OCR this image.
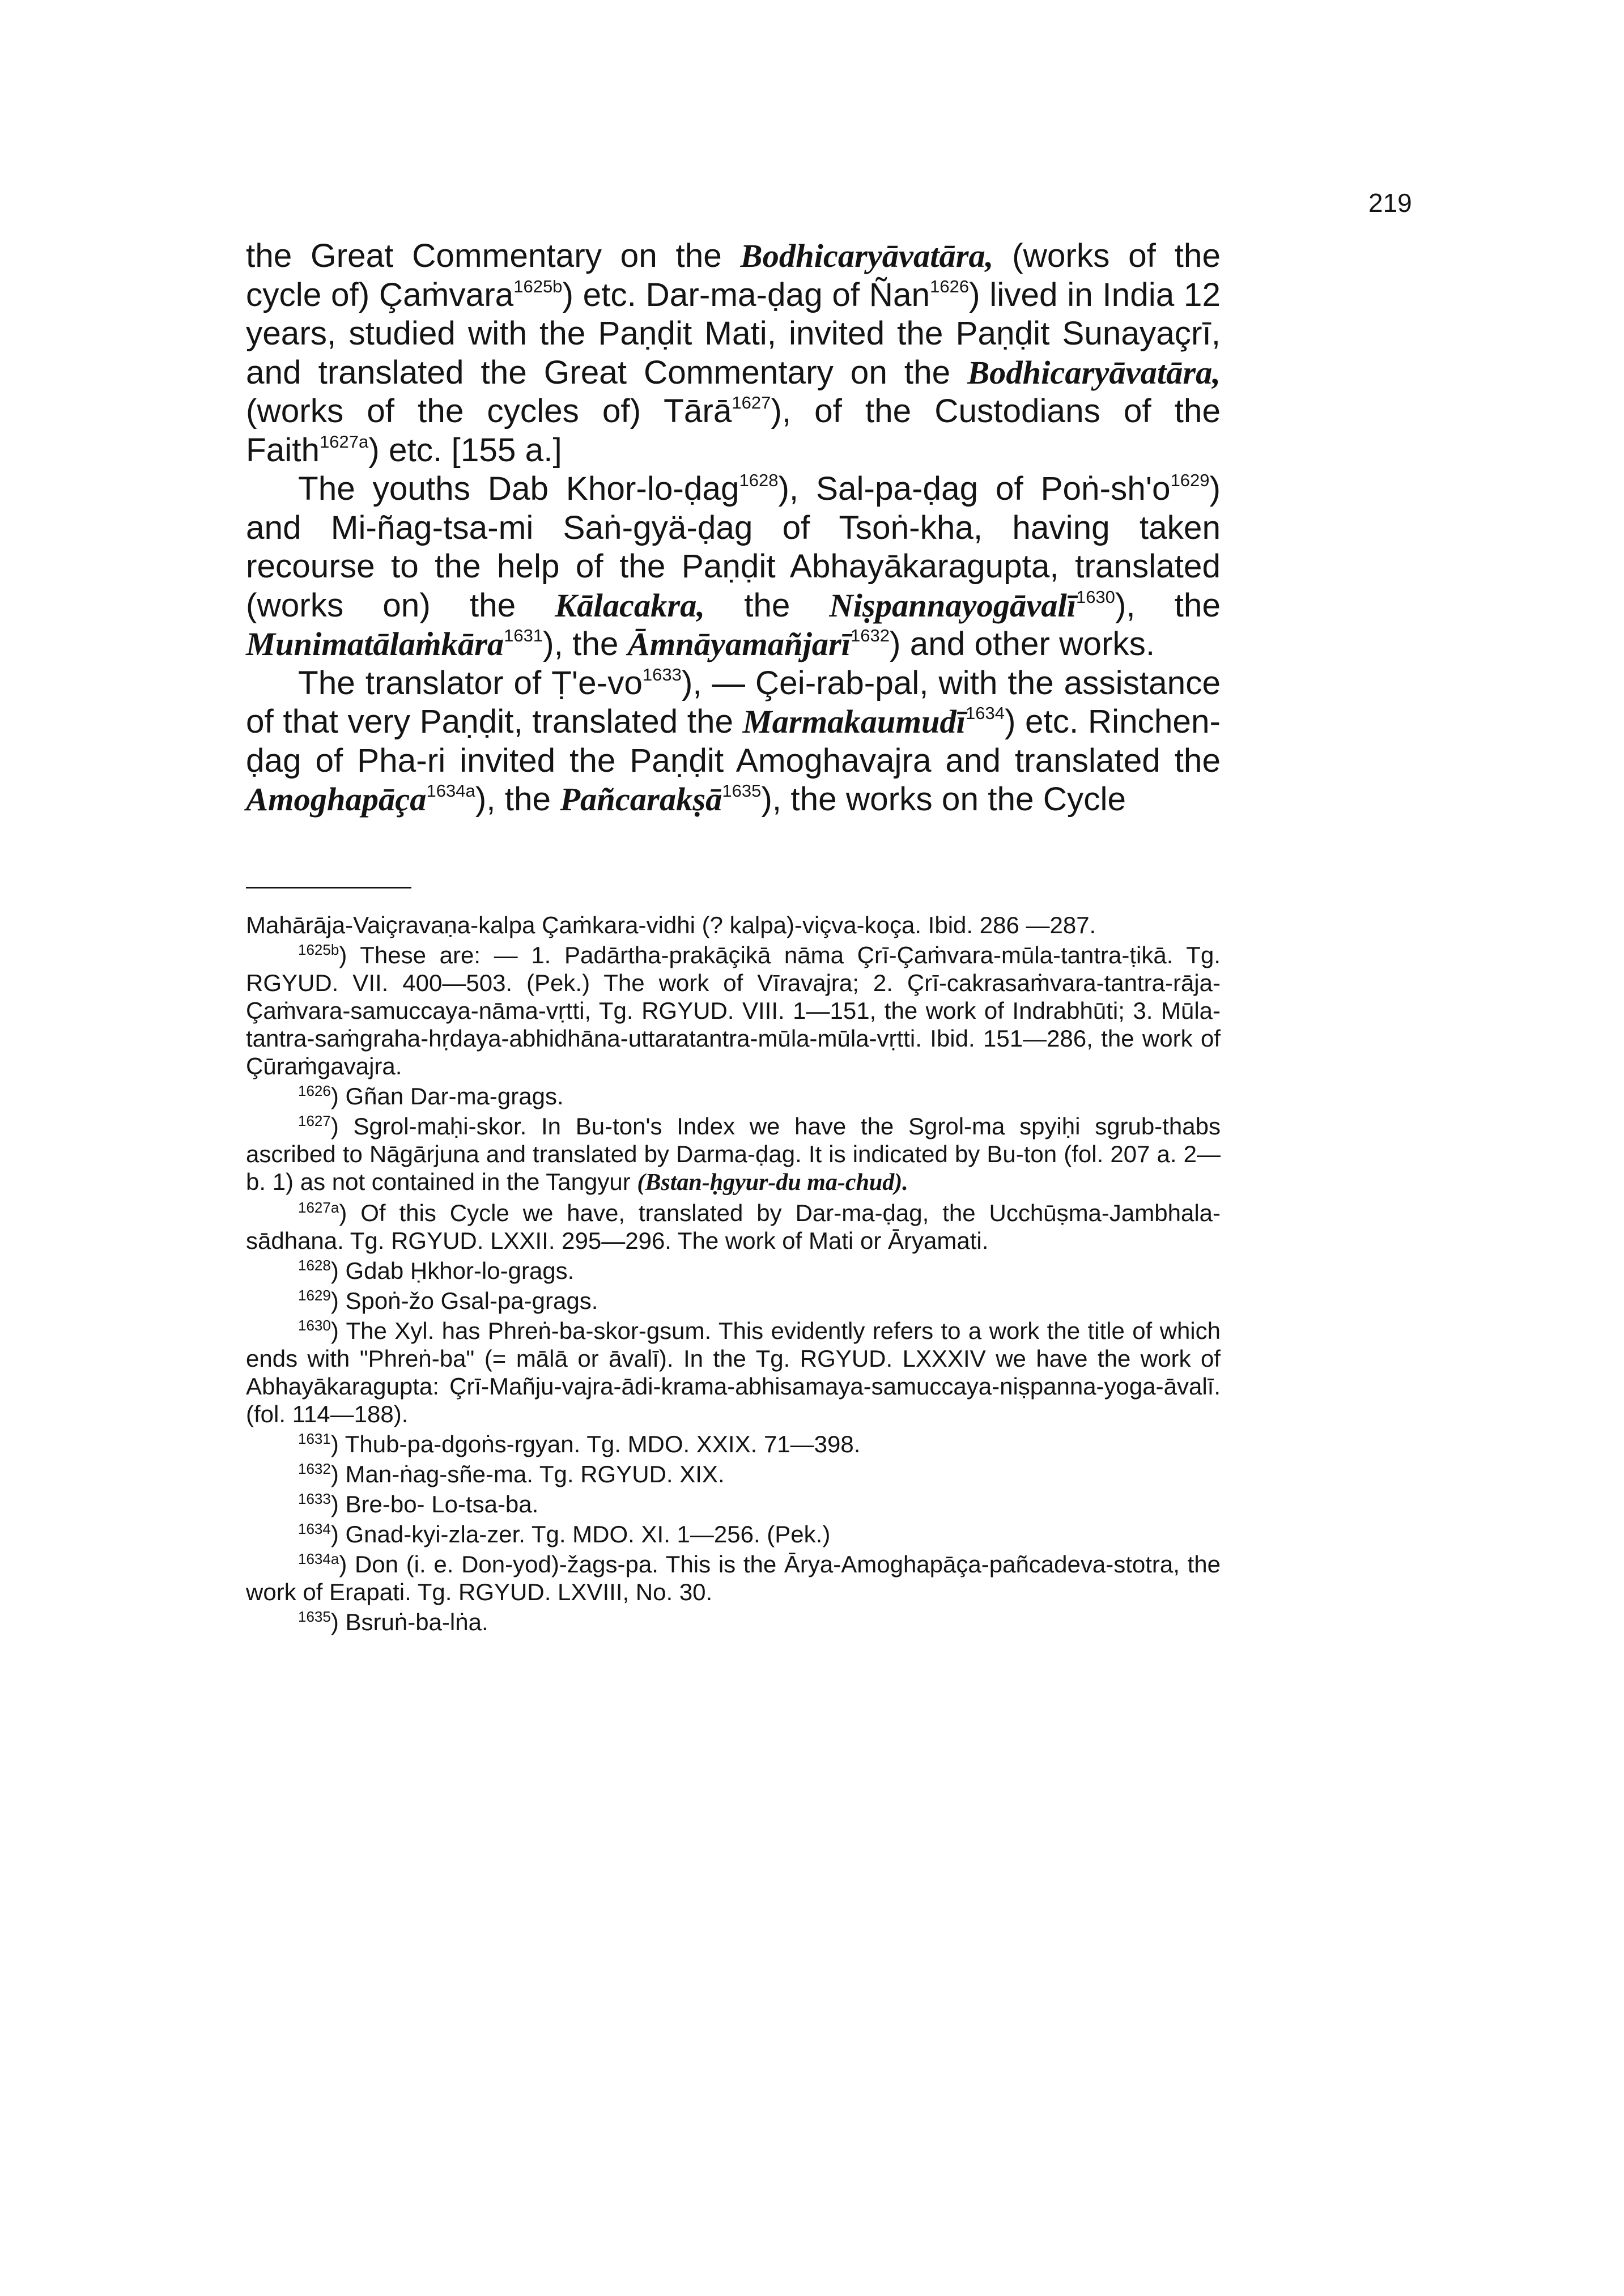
219

the Great Commentary on the Bodhicaryāvatāra, (works of the cycle of) Çaṁvara$^{1625b}$) etc. Dar-ma-ḍag of Ñan$^{1626}$) lived in India 12 years, studied with the Paṇḍit Mati, invited the Paṇḍit Sunayaçrī, and translated the Great Commentary on the Bodhicaryāvatāra, (works of the cycles of) Tārā$^{1627}$), of the Custodians of the Faith$^{1627a}$) etc. [155 a.]

The youths Dab Khor-lo-ḍag$^{1628}$), Sal-pa-ḍag of Poṅ-$sh'o^{1629}$) and Mi-ñag-tsa-mi Saṅ-gyä-ḍag of Tsoṅ-kha, having taken recourse to the help of the Paṇḍit Abhayākaragupta, translated (works on) the Kālacakra, the Niṣpannayogāvalī$^{1630}$), the Munimatālaṁkāra$^{1631}$), the Āmnāyamañjarī$^{1632}$) and other works.

The translator of $Ṭ'e-vo^{1633}$), — Çei-rab-pal, with the assistance of that very Paṇḍit, translated the Marmakaumudī$^{1634}$) etc. Rinchen-ḍag of Pha-ri invited the Paṇḍit Amoghavajra and translated the Amoghapāça$^{1634a}$), the Pañcarakṣā$^{1635}$), the works on the Cycle

Mahārāja-Vaiçravaṇa-kalpa Çaṁkara-vidhi (? kalpa)-viçva-koça. Ibid. 286 —287.

$^{1625b}$) These are: — 1. Padārtha-prakāçikā nāma Çrī-Çaṁvara-mūla-tantra-ṭikā. Tg. RGYUD. VII. 400—503. (Pek.) The work of Vīravajra; 2. Çrī-cakrasaṁvara-tantra-rāja-Çaṁvara-samuccaya-nāma-vṛtti, Tg. RGYUD. VIII. 1—151, the work of Indrabhūti; 3. Mūla-tantra-saṁgraha-hṛdaya-abhidhāna-uttaratantra-mūla-mūla-vṛtti. Ibid. 151—286, the work of Çūraṁgavajra.

$^{1626}$) Gñan Dar-ma-grags.

$^{1627}$) Sgrol-maḥi-skor. In Bu-ton's Index we have the Sgrol-ma spyiḥi sgrub-thabs ascribed to Nāgārjuna and translated by Darma-ḍag. It is indicated by Bu-ton (fol. 207 a. 2—b. 1) as not contained in the Tangyur (Bstan-ḥgyur-du ma-chud).

$^{1627a}$) Of this Cycle we have, translated by Dar-ma-ḍag, the Ucchūṣma-Jambhala-sādhana. Tg. RGYUD. LXXII. 295—296. The work of Mati or Āryamati.

$^{1628}$) Gdab Ḥkhor-lo-grags.

$^{1629}$) Spoṅ-žo Gsal-pa-grags.

$^{1630}$) The Xyl. has Phreṅ-ba-skor-gsum. This evidently refers to a work the title of which ends with "Phreṅ-ba" (= mālā or āvalī). In the Tg. RGYUD. LXXXIV we have the work of Abhayākaragupta: Çrī-Mañju-vajra-ādi-krama-abhisamaya-samuccaya-niṣpanna-yoga-āvalī. (fol. 114—188).

$^{1631}$) Thub-pa-dgoṅs-rgyan. Tg. MDO. XXIX. 71—398.

$^{1632}$) Man-ṅag-sñe-ma. Tg. RGYUD. XIX.

$^{1633}$) Bre-bo- Lo-tsa-ba.

$^{1634}$) Gnad-kyi-zla-zer. Tg. MDO. XI. 1—256. (Pek.)

$^{1634a}$) Don (i. e. Don-yod)-žags-pa. This is the Ārya-Amoghapāça-pañcadeva-stotra, the work of Erapati. Tg. RGYUD. LXVIII, No. 30.

$^{1635}$) Bsruṅ-ba-lṅa.
